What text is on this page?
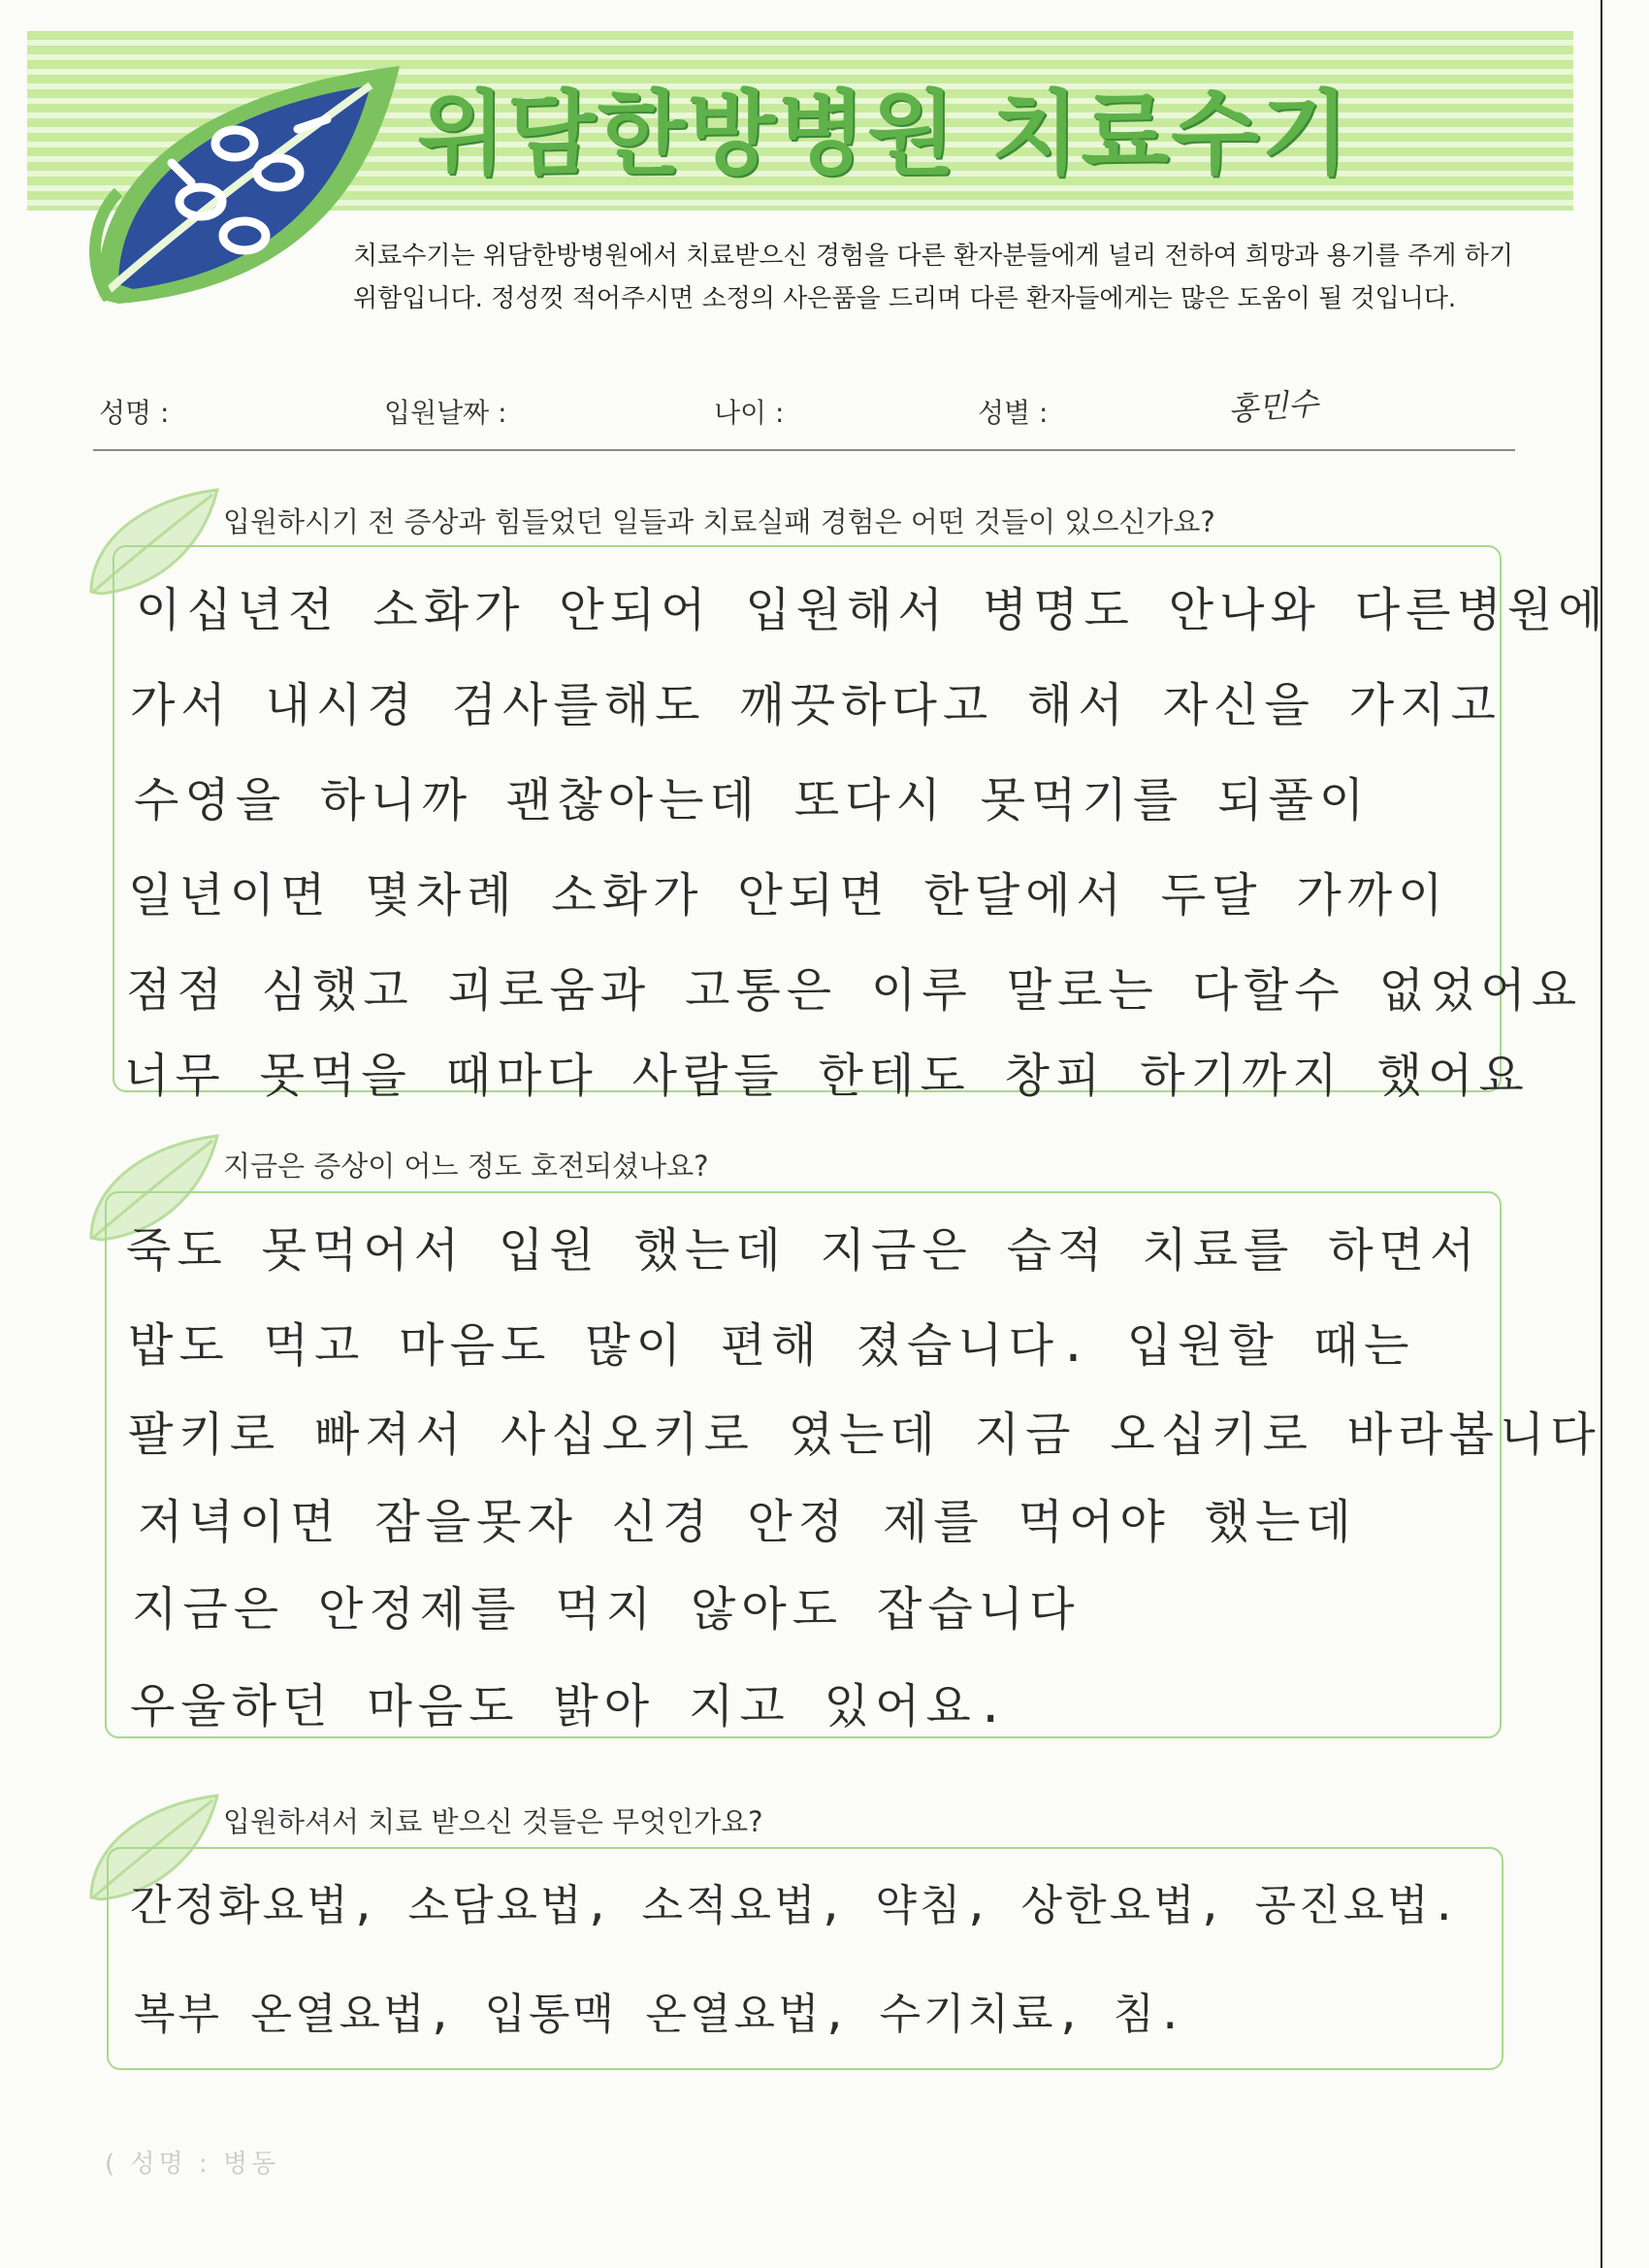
위담한방병원 치료수기
치료수기는 위담한방병원에서 치료받으신 경험을 다른 환자분들에게 널리 전하여 희망과 용기를 주게 하기
위함입니다. 정성껏 적어주시면 소정의 사은품을 드리며 다른 환자들에게는 많은 도움이 될 것입니다.
성명 :	입원날짜 :	나이 :	성별 :	홍민수
입원하시기 전 증상과 힘들었던 일들과 치료실패 경험은 어떤 것들이 있으신가요?
이십년전 소화가 안되어 입원해서 병명도 안나와 다른병원에
가서 내시경 검사를해도 깨끗하다고 해서 자신을 가지고
수영을 하니까 괜찮아는데 또다시 못먹기를 되풀이
일년이면 몇차례 소화가 안되면 한달에서 두달 가까이
점점 심했고 괴로움과 고통은 이루 말로는 다할수 없었어요
너무 못먹을 때마다 사람들 한테도 창피 하기까지 했어요
지금은 증상이 어느 정도 호전되셨나요?
죽도 못먹어서 입원 했는데 지금은 습적 치료를 하면서
밥도 먹고 마음도 많이 편해 졌습니다. 입원할 때는
팔키로 빠져서 사십오키로 였는데 지금 오십키로 바라봅니다
저녁이면 잠을못자 신경 안정 제를 먹어야 했는데
지금은 안정제를 먹지 않아도 잡습니다
우울하던 마음도 밝아 지고 있어요.
입원하셔서 치료 받으신 것들은 무엇인가요?
간정화요법, 소담요법, 소적요법, 약침, 상한요법, 공진요법.
복부 온열요법, 입통맥 온열요법, 수기치료, 침.
( 성명 : 병동
